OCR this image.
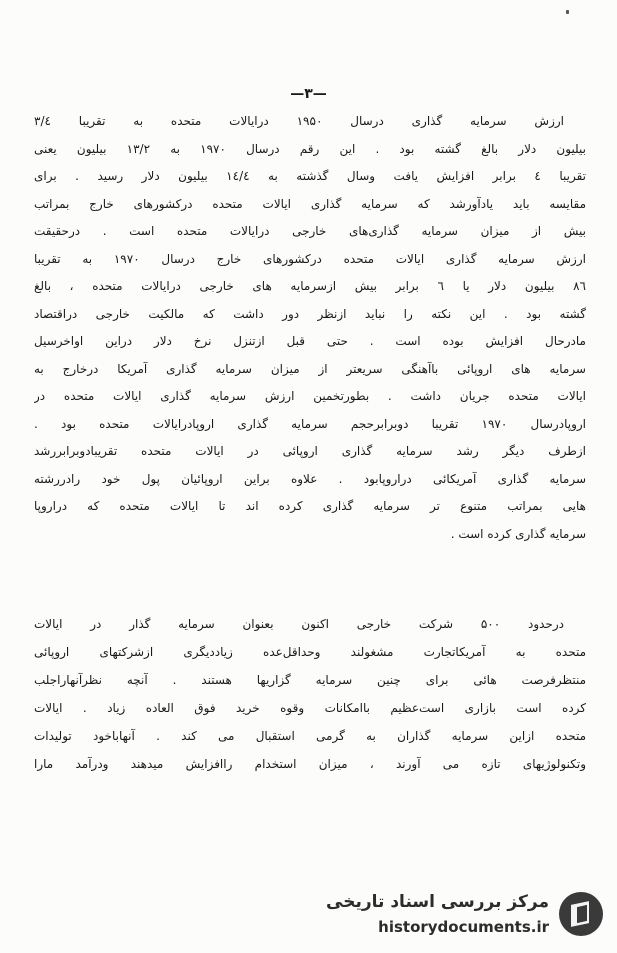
—۳—
ارزش سرمایه گذاری درسال ۱۹۵۰ درایالات متحده به تقریبا ۳/٤
بیلیون دلار بالغ گشته بود . این رقم درسال ۱۹۷۰ به ۱۳/۲ بیلیون یعنی
تقریبا ٤ برابر افزایش یافت وسال گذشته به ۱٤/٤ بیلیون دلار رسید . برای
مقایسه باید یادآورشد که سرمایه گذاری ایالات متحده درکشورهای خارج بمراتب
بیش از میزان سرمایه گذاری‌های خارجی درایالات متحده است . درحقیقت
ارزش سرمایه گذاری ایالات متحده درکشورهای خارج درسال ۱۹۷۰ به تقریبا
۸٦ بیلیون دلار یا ٦ برابر بیش ازسرمایه های خارجی درایالات متحده ، بالغ
گشته بود . این نکته را نباید ازنظر دور داشت که مالکیت خارجی دراقتصاد
مادرحال افزایش بوده است . حتی قبل ازتنزل نرخ دلار دراین اواخرسیل
سرمایه های اروپائی باآهنگی سریعتر از میزان سرمایه گذاری آمریکا درخارج به
ایالات متحده جریان داشت . بطورتخمین ارزش سرمایه گذاری ایالات متحده در
اروپادرسال ۱۹۷۰ تقریبا دوبرابرحجم سرمایه گذاری اروپادرایالات متحده بود .
ازطرف دیگر رشد سرمایه گذاری اروپائی در ایالات متحده تقریبادوبرابررشد
سرمایه گذاری آمریکائی دراروپابود . علاوه براین اروپائیان پول خود رادررشته
هایی بمراتب متنوع تر سرمایه گذاری کرده اند تا ایالات متحده که دراروپا
سرمایه گذاری کرده است .
درحدود ۵۰۰ شرکت خارجی اکنون بعنوان سرمایه گذار در ایالات
متحده به آمریکاتجارت مشغولند وحداقل‌عده زیاددیگری ازشرکتهای اروپائی
منتظرفرصت هائی برای چنین سرمایه گزاریها هستند . آنچه نظرآنهاراجلب
کرده است بازاری است‌عظیم باامکانات وقوه خرید فوق العاده زیاد . ایالات
متحده ازاین سرمایه گذاران به گرمی استقبال می کند . آنهاباخود تولیدات
وتکنولوژیهای تازه می آورند ، میزان استخدام راافزایش میدهند ودرآمد مارا
مرکز بررسی اسناد تاریخی
historydocuments.ir
